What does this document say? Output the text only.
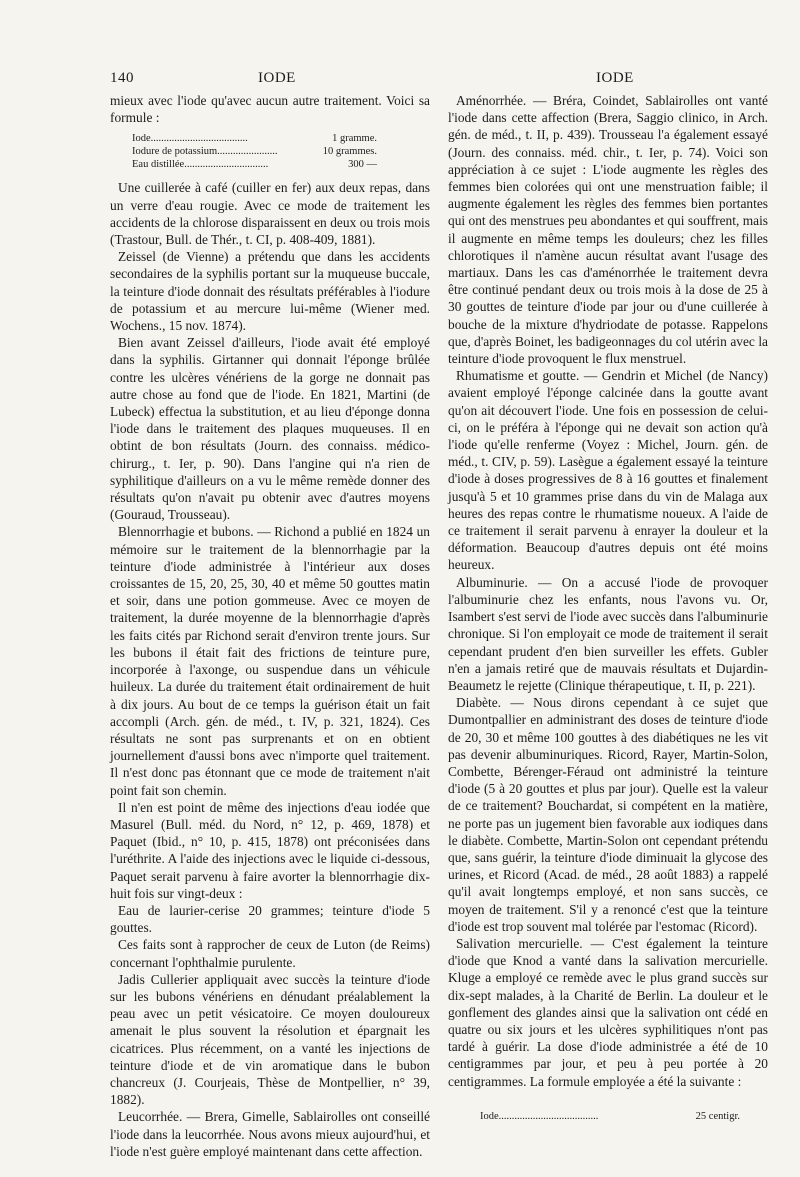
140	IODE	IODE

mieux avec l'iode qu'avec aucun autre traitement. Voici sa formule :

Iode.....................................	1 gramme.
Iodure de potassium.......................	10 grammes.
Eau distillée................................	300 —

Une cuillerée à café (cuiller en fer) aux deux repas, dans un verre d'eau rougie. Avec ce mode de traitement les accidents de la chlorose disparaissent en deux ou trois mois (Trastour, Bull. de Thér., t. CI, p. 408-409, 1881).

Zeissel (de Vienne) a prétendu que dans les accidents secondaires de la syphilis portant sur la muqueuse buccale, la teinture d'iode donnait des résultats préférables à l'iodure de potassium et au mercure lui-même (Wiener med. Wochens., 15 nov. 1874).

Bien avant Zeissel d'ailleurs, l'iode avait été employé dans la syphilis. Girtanner qui donnait l'éponge brûlée contre les ulcères vénériens de la gorge ne donnait pas autre chose au fond que de l'iode. En 1821, Martini (de Lubeck) effectua la substitution, et au lieu d'éponge donna l'iode dans le traitement des plaques muqueuses. Il en obtint de bon résultats (Journ. des connaiss. médico-chirurg., t. Ier, p. 90). Dans l'angine qui n'a rien de syphilitique d'ailleurs on a vu le même remède donner des résultats qu'on n'avait pu obtenir avec d'autres moyens (Gouraud, Trousseau).

Blennorrhagie et bubons. — Richond a publié en 1824 un mémoire sur le traitement de la blennorrhagie par la teinture d'iode administrée à l'intérieur aux doses croissantes de 15, 20, 25, 30, 40 et même 50 gouttes matin et soir, dans une potion gommeuse. Avec ce moyen de traitement, la durée moyenne de la blennorrhagie d'après les faits cités par Richond serait d'environ trente jours. Sur les bubons il était fait des frictions de teinture pure, incorporée à l'axonge, ou suspendue dans un véhicule huileux. La durée du traitement était ordinairement de huit à dix jours. Au bout de ce temps la guérison était un fait accompli (Arch. gén. de méd., t. IV, p. 321, 1824). Ces résultats ne sont pas surprenants et on en obtient journellement d'aussi bons avec n'importe quel traitement. Il n'est donc pas étonnant que ce mode de traitement n'ait point fait son chemin.

Il n'en est point de même des injections d'eau iodée que Masurel (Bull. méd. du Nord, n° 12, p. 469, 1878) et Paquet (Ibid., n° 10, p. 415, 1878) ont préconisées dans l'uréthrite. A l'aide des injections avec le liquide ci-dessous, Paquet serait parvenu à faire avorter la blennorrhagie dix-huit fois sur vingt-deux :

Eau de laurier-cerise 20 grammes; teinture d'iode 5 gouttes.

Ces faits sont à rapprocher de ceux de Luton (de Reims) concernant l'ophthalmie purulente.

Jadis Cullerier appliquait avec succès la teinture d'iode sur les bubons vénériens en dénudant préalablement la peau avec un petit vésicatoire. Ce moyen douloureux amenait le plus souvent la résolution et épargnait les cicatrices. Plus récemment, on a vanté les injections de teinture d'iode et de vin aromatique dans le bubon chancreux (J. Courjeais, Thèse de Montpellier, n° 39, 1882).

Leucorrhée. — Brera, Gimelle, Sablairolles ont conseillé l'iode dans la leucorrhée. Nous avons mieux aujourd'hui, et l'iode n'est guère employé maintenant dans cette affection.

Aménorrhée. — Bréra, Coindet, Sablairolles ont vanté l'iode dans cette affection (Brera, Saggio clinico, in Arch. gén. de méd., t. II, p. 439). Trousseau l'a également essayé (Journ. des connaiss. méd. chir., t. Ier, p. 74). Voici son appréciation à ce sujet : L'iode augmente les règles des femmes bien colorées qui ont une menstruation faible; il augmente également les règles des femmes bien portantes qui ont des menstrues peu abondantes et qui souffrent, mais il augmente en même temps les douleurs; chez les filles chlorotiques il n'amène aucun résultat avant l'usage des martiaux. Dans les cas d'aménorrhée le traitement devra être continué pendant deux ou trois mois à la dose de 25 à 30 gouttes de teinture d'iode par jour ou d'une cuillerée à bouche de la mixture d'hydriodate de potasse. Rappelons que, d'après Boinet, les badigeonnages du col utérin avec la teinture d'iode provoquent le flux menstruel.

Rhumatisme et goutte. — Gendrin et Michel (de Nancy) avaient employé l'éponge calcinée dans la goutte avant qu'on ait découvert l'iode. Une fois en possession de celui-ci, on le préféra à l'éponge qui ne devait son action qu'à l'iode qu'elle renferme (Voyez : Michel, Journ. gén. de méd., t. CIV, p. 59). Lasègue a également essayé la teinture d'iode à doses progressives de 8 à 16 gouttes et finalement jusqu'à 5 et 10 grammes prise dans du vin de Malaga aux heures des repas contre le rhumatisme noueux. A l'aide de ce traitement il serait parvenu à enrayer la douleur et la déformation. Beaucoup d'autres depuis ont été moins heureux.

Albuminurie. — On a accusé l'iode de provoquer l'albuminurie chez les enfants, nous l'avons vu. Or, Isambert s'est servi de l'iode avec succès dans l'albuminurie chronique. Si l'on employait ce mode de traitement il serait cependant prudent d'en bien surveiller les effets. Gubler n'en a jamais retiré que de mauvais résultats et Dujardin-Beaumetz le rejette (Clinique thérapeutique, t. II, p. 221).

Diabète. — Nous dirons cependant à ce sujet que Dumontpallier en administrant des doses de teinture d'iode de 20, 30 et même 100 gouttes à des diabétiques ne les vit pas devenir albuminuriques. Ricord, Rayer, Martin-Solon, Combette, Bérenger-Féraud ont administré la teinture d'iode (5 à 20 gouttes et plus par jour). Quelle est la valeur de ce traitement? Bouchardat, si compétent en la matière, ne porte pas un jugement bien favorable aux iodiques dans le diabète. Combette, Martin-Solon ont cependant prétendu que, sans guérir, la teinture d'iode diminuait la glycose des urines, et Ricord (Acad. de méd., 28 août 1883) a rappelé qu'il avait longtemps employé, et non sans succès, ce moyen de traitement. S'il y a renoncé c'est que la teinture d'iode est trop souvent mal tolérée par l'estomac (Ricord).

Salivation mercurielle. — C'est également la teinture d'iode que Knod a vanté dans la salivation mercurielle. Kluge a employé ce remède avec le plus grand succès sur dix-sept malades, à la Charité de Berlin. La douleur et le gonflement des glandes ainsi que la salivation ont cédé en quatre ou six jours et les ulcères syphilitiques n'ont pas tardé à guérir. La dose d'iode administrée a été de 10 centigrammes par jour, et peu à peu portée à 20 centigrammes. La formule employée a été la suivante :

Iode......................................	25 centigr.
